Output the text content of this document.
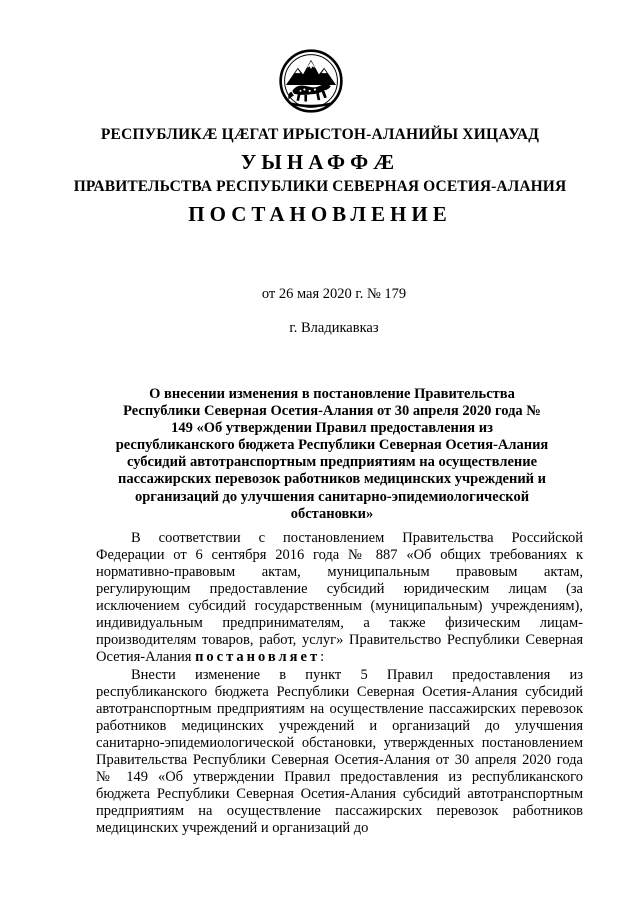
РЕСПУБЛИКӔ ЦӔГАТ ИРЫСТОН-АЛАНИЙЫ ХИЦАУАД
УЫНАФФӔ
ПРАВИТЕЛЬСТВА РЕСПУБЛИКИ СЕВЕРНАЯ ОСЕТИЯ-АЛАНИЯ
ПОСТАНОВЛЕНИЕ
от 26 мая 2020 г. № 179
г. Владикавказ
О внесении изменения в постановление Правительства Республики Северная Осетия-Алания от 30 апреля 2020 года № 149 «Об утверждении Правил предоставления из республиканского бюджета Республики Северная Осетия-Алания субсидий автотранспортным предприятиям на осуществление пассажирских перевозок работников медицинских учреждений и организаций до улучшения санитарно-эпидемиологической обстановки»
В соответствии с постановлением Правительства Российской Федерации от 6 сентября 2016 года № 887 «Об общих требованиях к нормативно-правовым актам, муниципальным правовым актам, регулирующим предоставление субсидий юридическим лицам (за исключением субсидий государственным (муниципальным) учреждениям), индивидуальным предпринимателям, а также физическим лицам-производителям товаров, работ, услуг» Правительство Республики Северная Осетия-Алания постановляет:
Внести изменение в пункт 5 Правил предоставления из республиканского бюджета Республики Северная Осетия-Алания субсидий автотранспортным предприятиям на осуществление пассажирских перевозок работников медицинских учреждений и организаций до улучшения санитарно-эпидемиологической обстановки, утвержденных постановлением Правительства Республики Северная Осетия-Алания от 30 апреля 2020 года № 149 «Об утверждении Правил предоставления из республиканского бюджета Республики Северная Осетия-Алания субсидий автотранспортным предприятиям на осуществление пассажирских перевозок работников медицинских учреждений и организаций до
